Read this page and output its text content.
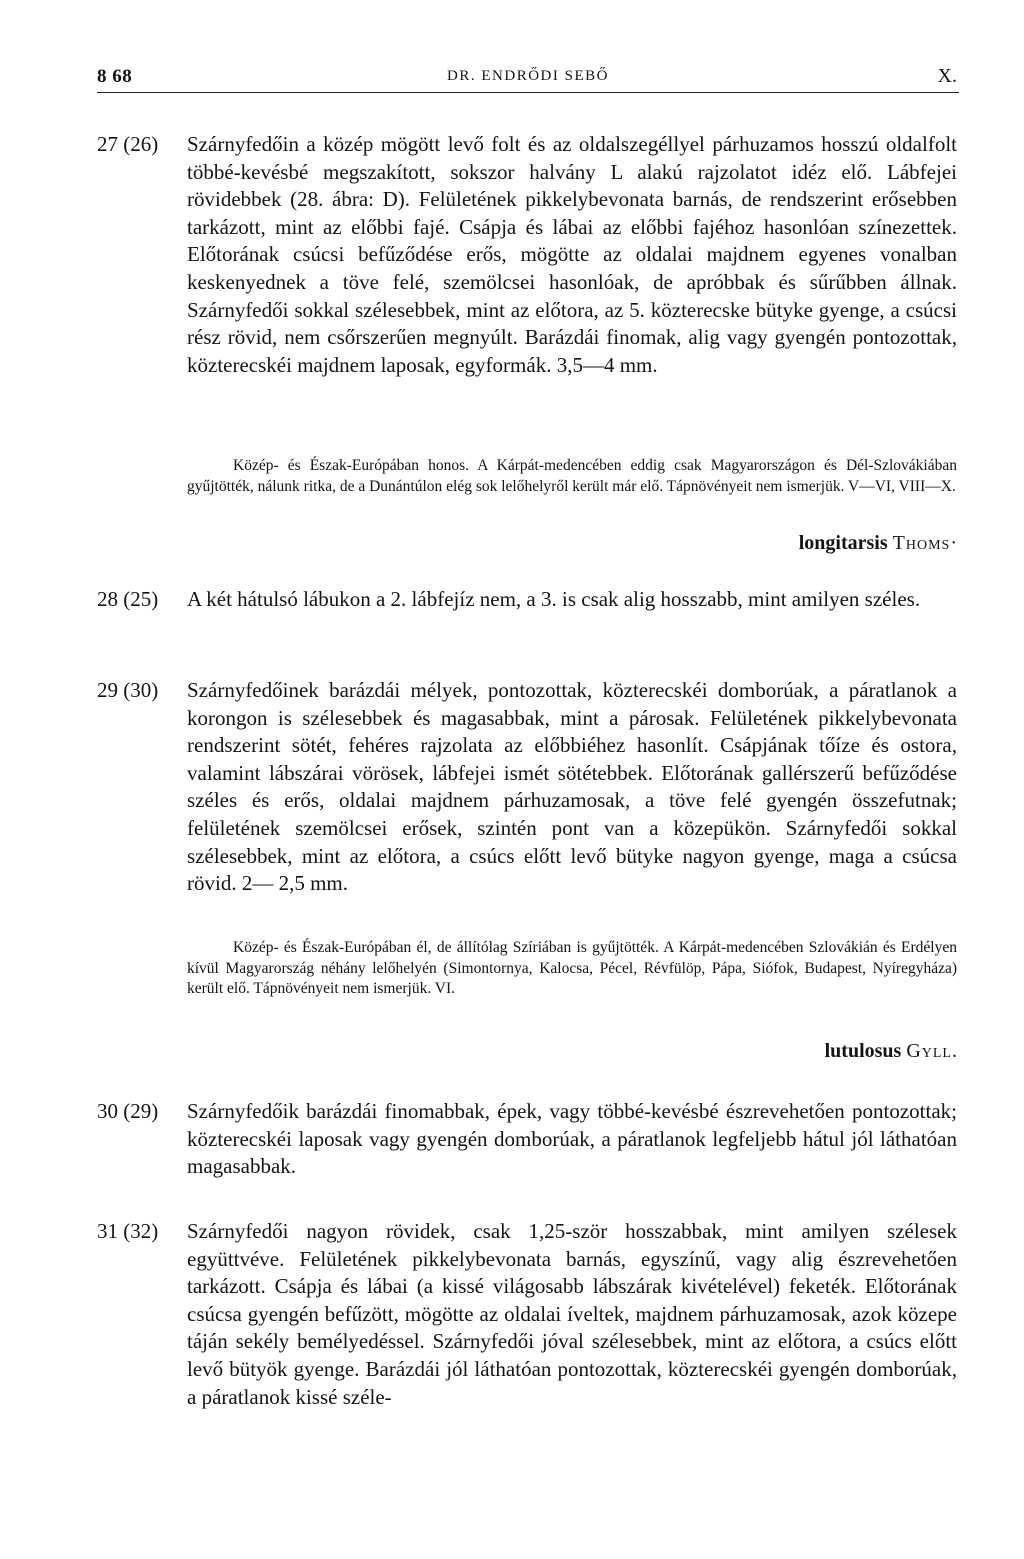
8 68	DR. ENDRŐDI SEBŐ	X.
27 (26) Szárnyfedőin a közép mögött levő folt és az oldalszegéllyel párhuzamos hosszú oldalfolt többé-kevésbé megszakított, sokszor halvány L alakú rajzolatot idéz elő. Lábfejei rövidebbek (28. ábra: D). Felületének pikkelybevonata barnás, de rendszerint erősebben tarkázott, mint az előbbi fajé. Csápja és lábai az előbbi fajéhoz hasonlóan színezettek. Előtorának csúcsi befűződése erős, mögötte az oldalai majdnem egyenes vonalban keskenyednek a töve felé, szemölcsei hasonlóak, de apróbbak és sűrűbben állnak. Szárnyfedői sokkal szélesebbek, mint az előtora, az 5. közterecske bütyke gyenge, a csúcsi rész rövid, nem csőrszerűen megnyúlt. Barázdái finomak, alig vagy gyengén pontozottak, közterecskéi majdnem laposak, egyformák. 3,5—4 mm.
Közép- és Észak-Európában honos. A Kárpát-medencében eddig csak Magyarországon és Dél-Szlovákiában gyűjtötték, nálunk ritka, de a Dunántúlon elég sok lelőhelyről került már elő. Tápnövényeit nem ismerjük. V—VI, VIII—X.
longitarsis Thoms·
28 (25) A két hátulsó lábukon a 2. lábfejíz nem, a 3. is csak alig hosszabb, mint amilyen széles.
29 (30) Szárnyfedőinek barázdái mélyek, pontozottak, közterecskéi domborúak, a páratlanok a korongon is szélesebbek és magasabbak, mint a párosak. Felületének pikkelybevonata rendszerint sötét, fehéres rajzolata az előbbiéhez hasonlít. Csápjának tőíze és ostora, valamint lábszárai vörösek, lábfejei ismét sötétebbek. Előtorának gallérszerű befűződése széles és erős, oldalai majdnem párhuzamosak, a töve felé gyengén összefutnak; felületének szemölcsei erősek, szintén pont van a közepükön. Szárnyfedői sokkal szélesebbek, mint az előtora, a csúcs előtt levő bütyke nagyon gyenge, maga a csúcsa rövid. 2— 2,5 mm.
Közép- és Észak-Európában él, de állítólag Szíriában is gyűjtötték. A Kárpát-medencében Szlovákián és Erdélyen kívül Magyarország néhány lelőhelyén (Simontornya, Kalocsa, Pécel, Révfülöp, Pápa, Siófok, Budapest, Nyíregyháza) került elő. Tápnövényeit nem ismerjük. VI.
lutulosus Gyll.
30 (29) Szárnyfedőik barázdái finomabbak, épek, vagy többé-kevésbé észrevehetően pontozottak; közterecskéi laposak vagy gyengén domborúak, a páratlanok legfeljebb hátul jól láthatóan magasabbak.
31 (32) Szárnyfedői nagyon rövidek, csak 1,25-ször hosszabbak, mint amilyen szélesek együttvéve. Felületének pikkelybevonata barnás, egyszínű, vagy alig észrevehetően tarkázott. Csápja és lábai (a kissé világosabb lábszárak kivételével) feketék. Előtorának csúcsa gyengén befűzött, mögötte az oldalai íveltek, majdnem párhuzamosak, azok közepe táján sekély bemélyedéssel. Szárnyfedői jóval szélesebbek, mint az előtora, a csúcs előtt levő bütyök gyenge. Barázdái jól láthatóan pontozottak, közterecskéi gyengén domborúak, a páratlanok kissé széle-
